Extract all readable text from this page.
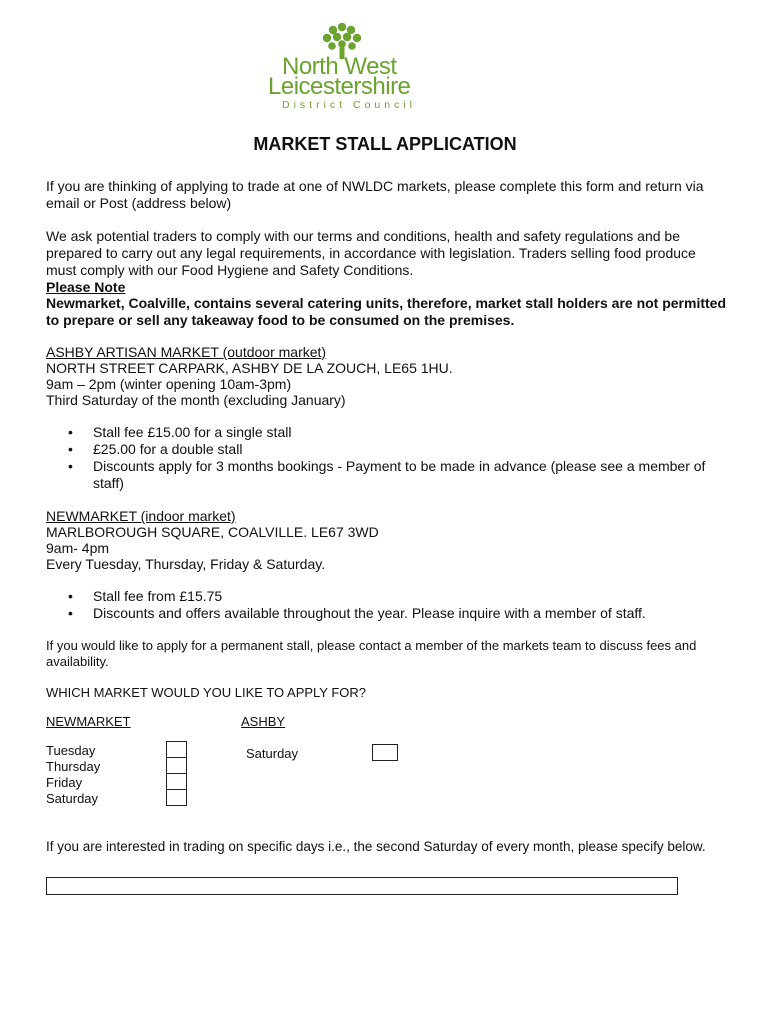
North West
Leicestershire
District Council
MARKET STALL APPLICATION

If you are thinking of applying to trade at one of NWLDC markets, please complete this form and return via email or Post (address below)

We ask potential traders to comply with our terms and conditions, health and safety regulations and be prepared to carry out any legal requirements, in accordance with legislation. Traders selling food produce must comply with our Food Hygiene and Safety Conditions.

Please Note

Newmarket, Coalville, contains several catering units, therefore, market stall holders are not permitted to prepare or sell any takeaway food to be consumed on the premises.

ASHBY ARTISAN MARKET (outdoor market)

NORTH STREET CARPARK, ASHBY DE LA ZOUCH, LE65 1HU.

9am – 2pm (winter opening 10am-3pm)

Third Saturday of the month (excluding January)

• Stall fee £15.00 for a single stall
• £25.00 for a double stall
• Discounts apply for 3 months bookings - Payment to be made in advance (please see a member of staff)

NEWMARKET (indoor market)

MARLBOROUGH SQUARE, COALVILLE. LE67 3WD

9am- 4pm

Every Tuesday, Thursday, Friday & Saturday.

• Stall fee from £15.75
• Discounts and offers available throughout the year. Please inquire with a member of staff.

If you would like to apply for a permanent stall, please contact a member of the markets team to discuss fees and availability.

WHICH MARKET WOULD YOU LIKE TO APPLY FOR?

NEWMARKET	ASHBY
Tuesday
Thursday
Friday
Saturday
Saturday

If you are interested in trading on specific days i.e., the second Saturday of every month, please specify below.
